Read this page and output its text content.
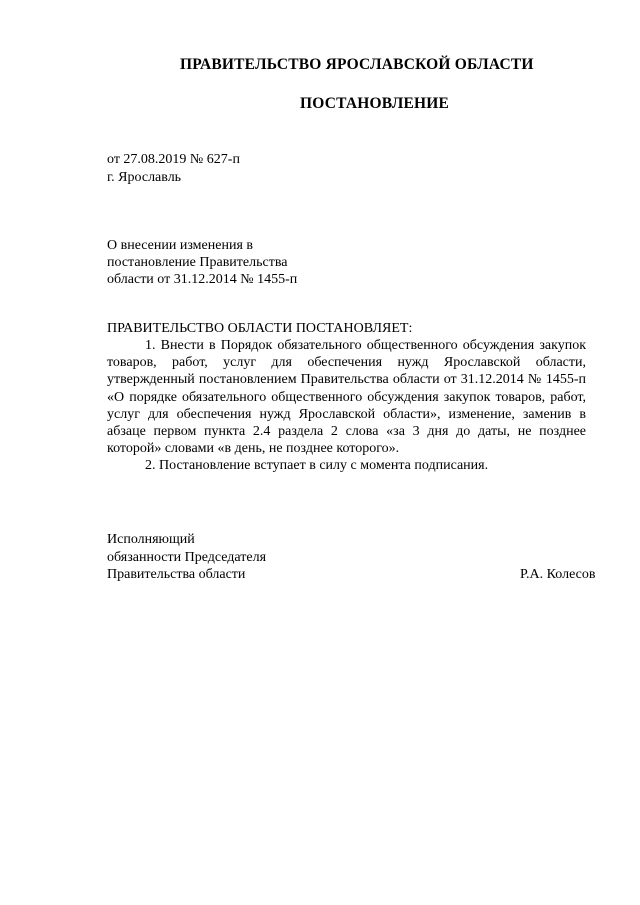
ПРАВИТЕЛЬСТВО ЯРОСЛАВСКОЙ ОБЛАСТИ
ПОСТАНОВЛЕНИЕ
от 27.08.2019 № 627-п
г. Ярославль
О внесении изменения в
постановление Правительства
области от 31.12.2014 № 1455-п
ПРАВИТЕЛЬСТВО ОБЛАСТИ ПОСТАНОВЛЯЕТ:

1. Внести в Порядок обязательного общественного обсуждения закупок товаров, работ, услуг для обеспечения нужд Ярославской области, утвержденный постановлением Правительства области от 31.12.2014 № 1455-п «О порядке обязательного общественного обсуждения закупок товаров, работ, услуг для обеспечения нужд Ярославской области», изменение, заменив в абзаце первом пункта 2.4 раздела 2 слова «за 3 дня до даты, не позднее которой» словами «в день, не позднее которого».

2. Постановление вступает в силу с момента подписания.

Исполняющий
обязанности Председателя
Правительства области	Р.А. Колесов
